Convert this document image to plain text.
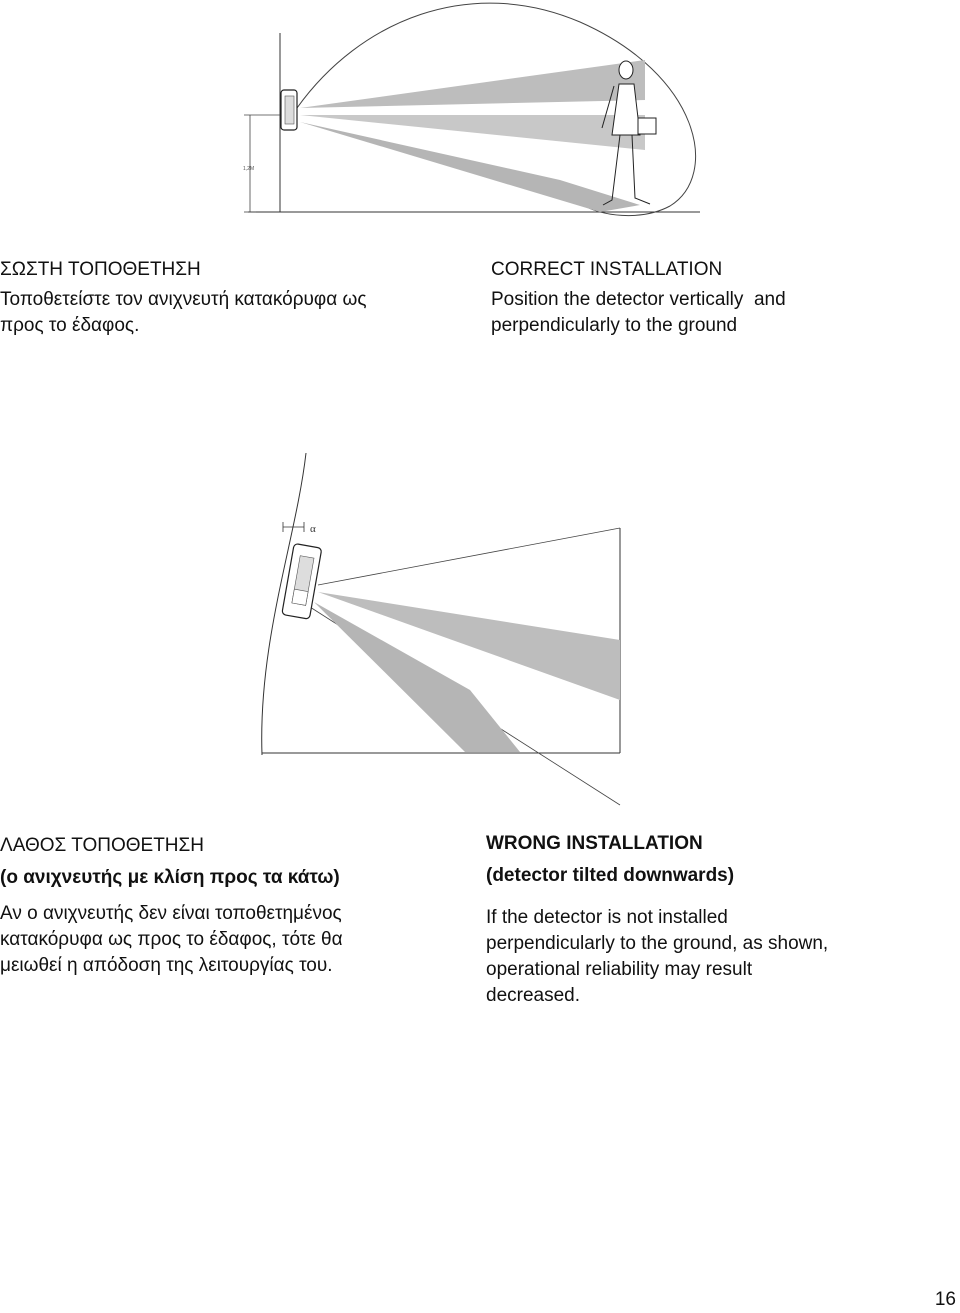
1,2M
α
ΣΩΣΤΗ ΤΟΠΟΘΕΤΗΣΗ
Τοποθετείστε τον ανιχνευτή κατακόρυφα ως
προς το έδαφος.
CORRECT INSTALLATION
Position the detector vertically  and
perpendicularly to the ground
ΛΑΘΟΣ ΤΟΠΟΘΕΤΗΣΗ
(ο ανιχνευτής με κλίση προς τα κάτω)
Αν ο ανιχνευτής δεν είναι τοποθετημένος
κατακόρυφα ως προς το έδαφος, τότε θα
μειωθεί η απόδοση της λειτουργίας του.
WRONG INSTALLATION
(detector tilted downwards)
If the detector is not installed
perpendicularly to the ground, as shown,
operational reliability may result
decreased.
16
